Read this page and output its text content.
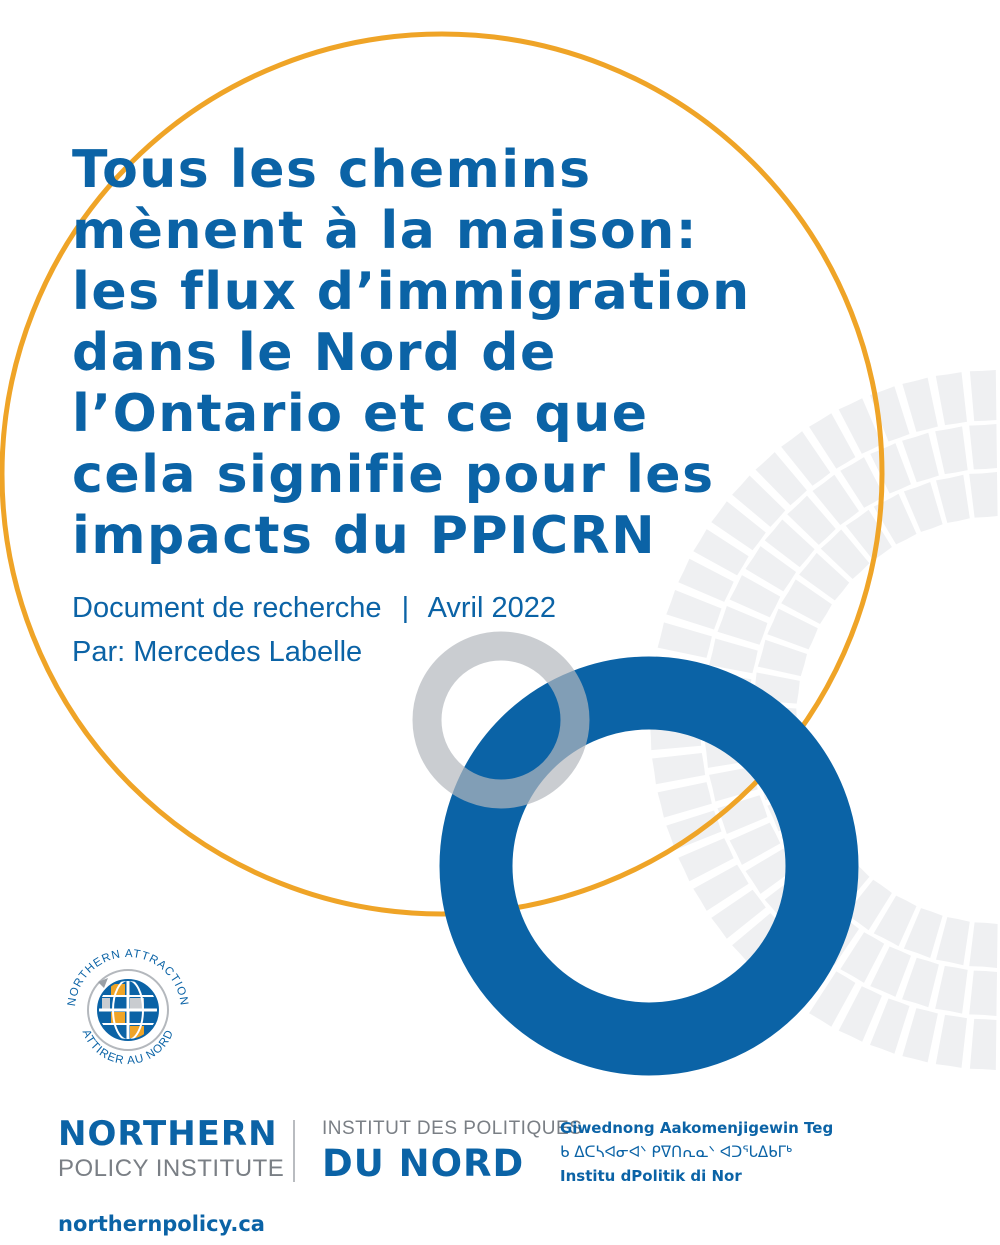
Tous les chemins
mènent à la maison:
les flux d’immigration
dans le Nord de
l’Ontario et ce que
cela signifie pour les
impacts du PPICRN
Document de recherche | Avril 2022
Par: Mercedes Labelle
NORTHERN ATTRACTION
ATTIRER AU NORD
NORTHERN
POLICY INSTITUTE
INSTITUT DES POLITIQUES
DU NORD
Giwednong Aakomenjigewin Teg
ᑲ ᐃᑕᓴᐊᓂᐊᐠ ᑭᐁᑎᕆᓇᐠ ᐊᑐᕐᒐᐃᑲᒥᒃ
Institu dPolitik di Nor
northernpolicy.ca
